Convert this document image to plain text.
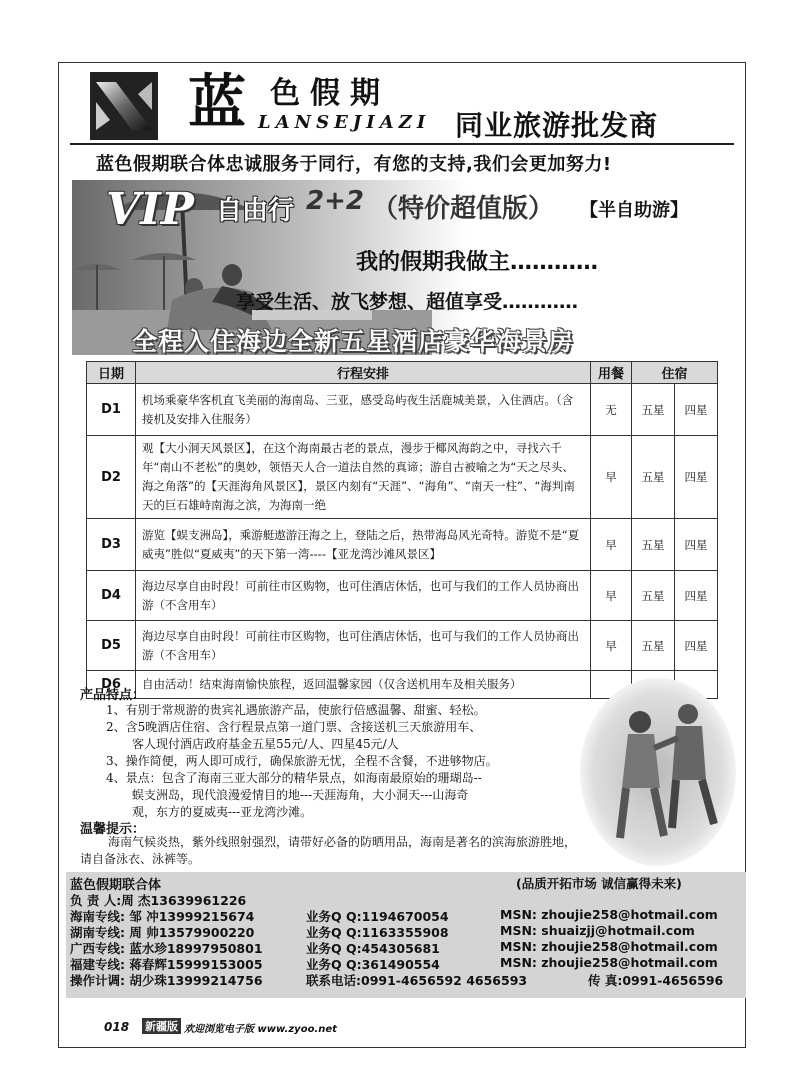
蓝 色假期
LANSEJIAZI 同业旅游批发商
蓝色假期联合体忠诚服务于同行，有您的支持,我们会更加努力!
VIP 自由行 2+2 （特价超值版） 【半自助游】
我的假期我做主…………
享受生活、放飞梦想、超值享受…………
全程入住海边全新五星酒店豪华海景房
日期	行程安排	用餐	住宿	
D1	机场乘豪华客机直飞美丽的海南岛、三亚，感受岛屿夜生活鹿城美景，入住酒店。（含接机及安排入住服务）	无	五星	四星
D2	观【大小洞天风景区】，在这个海南最古老的景点，漫步于椰风海韵之中，寻找六千年“南山不老松”的奥妙，领悟天人合一道法自然的真谛；游自古被喻之为“天之尽头、海之角落”的【天涯海角风景区】，景区内刻有“天涯”、“海角”、“南天一柱”、“海判南天的巨石雄峙南海之滨，为海南一绝	早	五星	四星
D3	游览【蜈支洲岛】，乘游艇遨游汪海之上，登陆之后，热带海岛风光奇特。游览不是“夏威夷”胜似“夏威夷”的天下第一湾----【亚龙湾沙滩风景区】	早	五星	四星
D4	海边尽享自由时段！可前往市区购物，也可住酒店休恬，也可与我们的工作人员协商出游（不含用车）	早	五星	四星
D5	海边尽享自由时段！可前往市区购物，也可住酒店休恬，也可与我们的工作人员协商出游（不含用车）	早	五星	四星
D6	自由活动！结束海南愉快旅程，返回温馨家园（仅含送机用车及相关服务）			
产品特点：
1、有别于常规游的贵宾礼遇旅游产品，使旅行倍感温馨、甜蜜、轻松。
2、含5晚酒店住宿、含行程景点第一道门票、含接送机三天旅游用车、
客人现付酒店政府基金五星55元/人、四星45元/人
3、操作简便，两人即可成行，确保旅游无忧，全程不含餐，不进够物店。
4、景点：包含了海南三亚大部分的精华景点，如海南最原始的珊瑚岛--
蜈支洲岛，现代浪漫爱情目的地---天涯海角，大小洞天---山海奇
观，东方的夏威夷---亚龙湾沙滩。
温馨提示：
海南气候炎热，紫外线照射强烈，请带好必备的防晒用品，海南是著名的滨海旅游胜地，
请自备泳衣、泳裤等。
蓝色假期联合体	(品质开拓市场 诚信赢得未来)
负 责 人:周 杰13639961226
海南专线: 邹 冲13999215674	业务Q Q:1194670054	MSN: zhoujie258@hotmail.com
湖南专线: 周 帅13579900220	业务Q Q:1163355908	MSN: shuaizjj@hotmail.com
广西专线: 蓝水珍18997950801	业务Q Q:454305681	MSN: zhoujie258@hotmail.com
福建专线: 蒋春辉15999153005	业务Q Q:361490554	MSN: zhoujie258@hotmail.com
操作计调: 胡少珠13999214756	联系电话:0991-4656592 4656593	传 真:0991-4656596
018 新疆版 欢迎浏览电子版 www.zyoo.net
